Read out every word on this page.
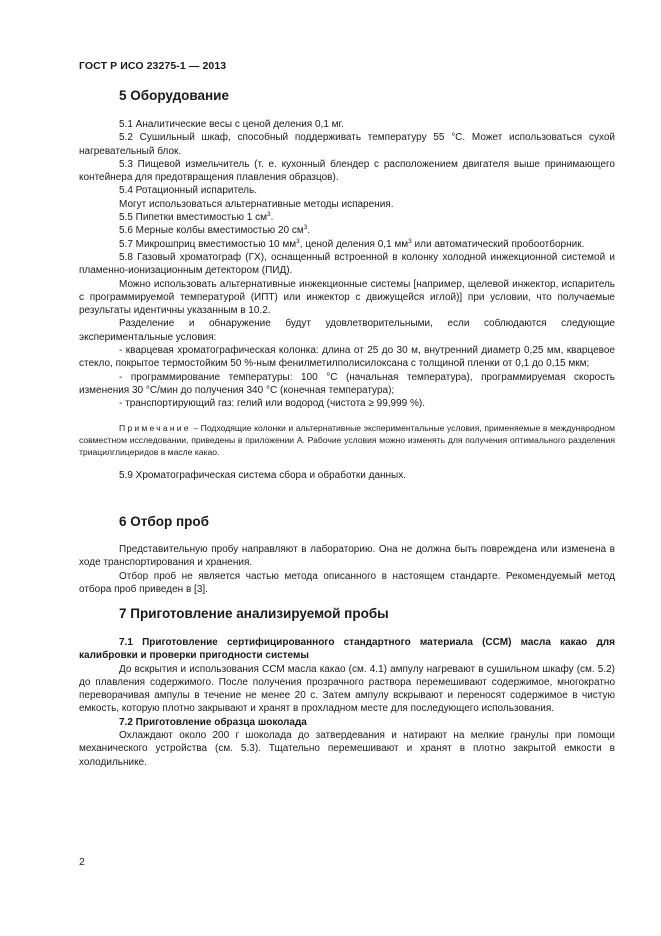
ГОСТ Р ИСО 23275-1 — 2013
5 Оборудование

5.1 Аналитические весы с ценой деления 0,1 мг.

5.2 Сушильный шкаф, способный поддерживать температуру 55 °С. Может использоваться сухой нагревательный блок.

5.3 Пищевой измельчитель (т. е. кухонный блендер с расположением двигателя выше принимающего контейнера для предотвращения плавления образцов).

5.4 Ротационный испаритель.

Могут использоваться альтернативные методы испарения.

5.5 Пипетки вместимостью 1 $см^3$.

5.6 Мерные колбы вместимостью 20 $см^3$.

5.7 Микрошприц вместимостью 10 $мм^3$, ценой деления 0,1 $мм^3$ или автоматический пробоотборник.

5.8 Газовый хроматограф (ГХ), оснащенный встроенной в колонку холодной инжекционной системой и пламенно-ионизационным детектором (ПИД).

Можно использовать альтернативные инжекционные системы [например, щелевой инжектор, испаритель с программируемой температурой (ИПТ) или инжектор с движущейся иглой)] при условии, что получаемые результаты идентичны указанным в 10.2.

Разделение и обнаружение будут удовлетворительными, если соблюдаются следующие экспериментальные условия:

- кварцевая хроматографическая колонка: длина от 25 до 30 м, внутренний диаметр 0,25 мм, кварцевое стекло, покрытое термостойким 50 %-ным фенилметилполисилоксана с толщиной пленки от 0,1 до 0,15 мкм;

- программирование температуры: 100 °С (начальная температура), программируемая скорость изменения 30 °С/мин до получения 340 °С (конечная температура);

- транспортирующий газ: гелий или водород (чистота ≥ 99,999 %).

Примечание – Подходящие колонки и альтернативные экспериментальные условия, применяемые в международном совместном исследовании, приведены в приложении А. Рабочие условия можно изменять для получения оптимального разделения триацилглицеридов в масле какао.

5.9 Хроматографическая система сбора и обработки данных.

6 Отбор проб

Представительную пробу направляют в лабораторию. Она не должна быть повреждена или изменена в ходе транспортирования и хранения.

Отбор проб не является частью метода описанного в настоящем стандарте. Рекомендуемый метод отбора проб приведен в [3].

7 Приготовление анализируемой пробы

7.1 Приготовление сертифицированного стандартного материала (ССМ) масла какао для калибровки и проверки пригодности системы

До вскрытия и использования ССМ масла какао (см. 4.1) ампулу нагревают в сушильном шкафу (см. 5.2) до плавления содержимого. После получения прозрачного раствора перемешивают содержимое, многократно переворачивая ампулы в течение не менее 20 с. Затем ампулу вскрывают и переносят содержимое в чистую емкость, которую плотно закрывают и хранят в прохладном месте для последующего использования.

7.2 Приготовление образца шоколада

Охлаждают около 200 г шоколада до затвердевания и натирают на мелкие гранулы при помощи механического устройства (см. 5.3). Тщательно перемешивают и хранят в плотно закрытой емкости в холодильнике.

2
